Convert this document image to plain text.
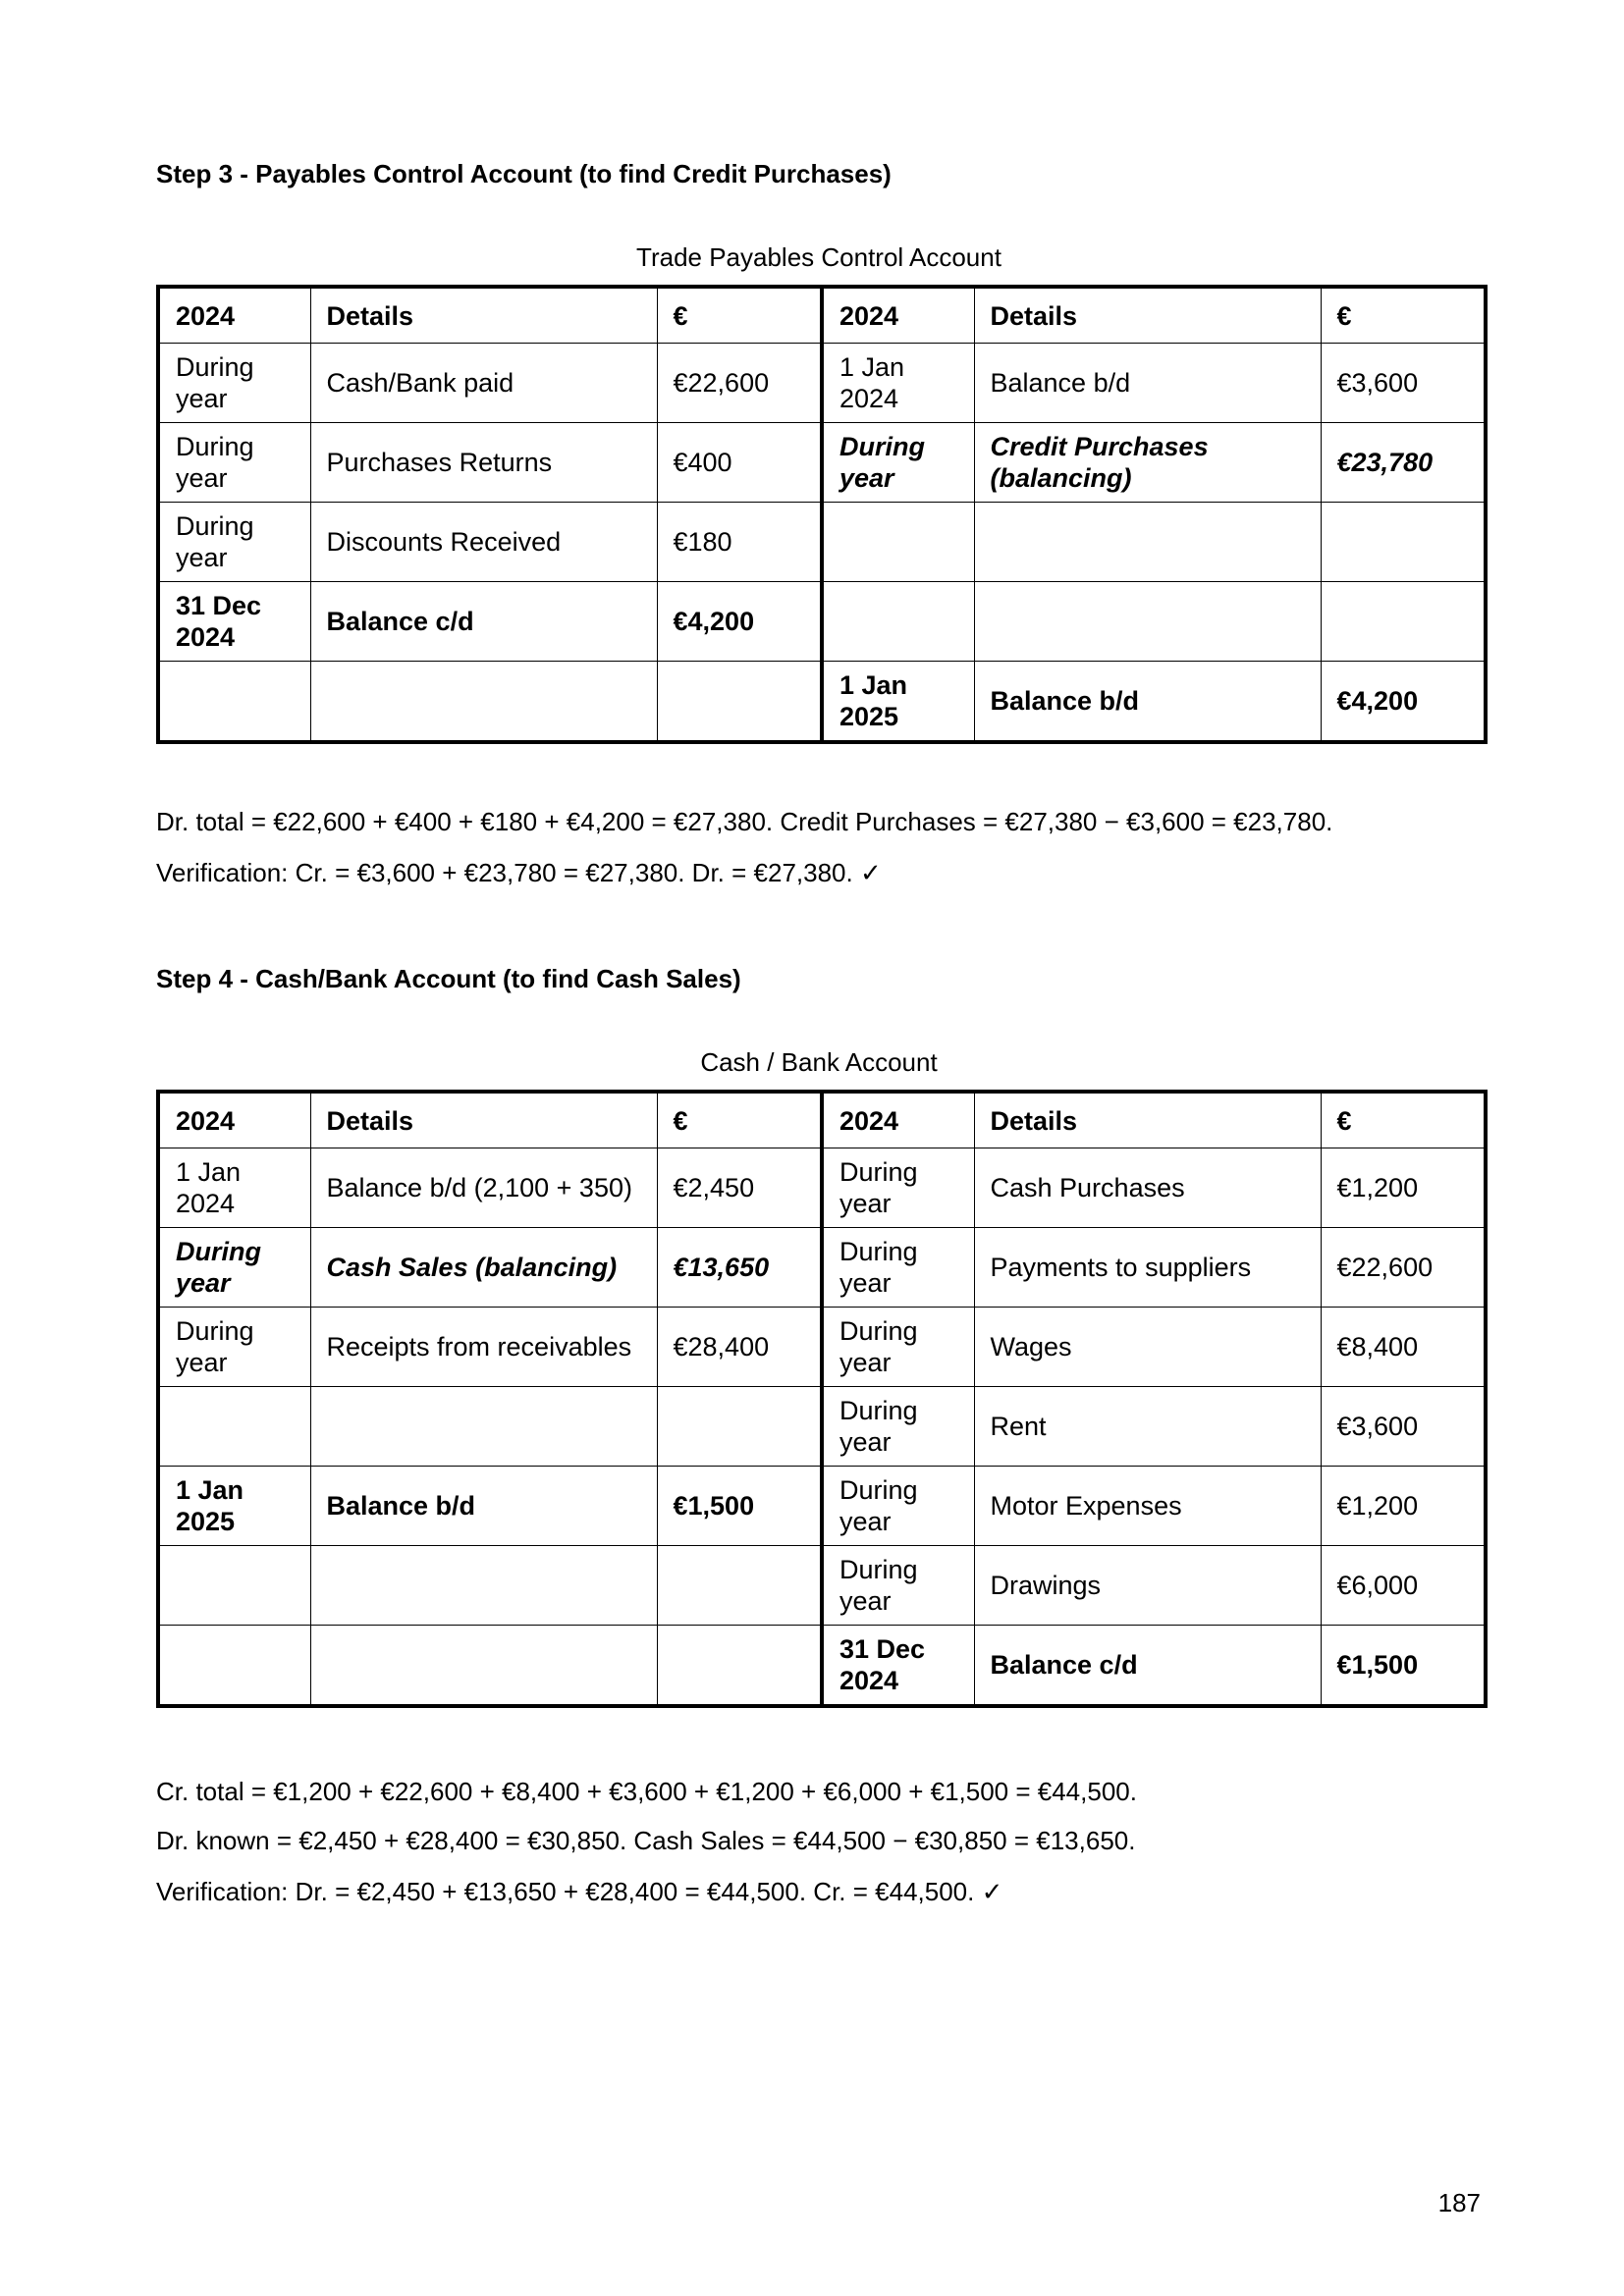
Step 3 - Payables Control Account (to find Credit Purchases)
Trade Payables Control Account
2024	Details	€	2024	Details	€
During year	Cash/Bank paid	€22,600	1 Jan 2024	Balance b/d	€3,600
During year	Purchases Returns	€400	During year	Credit Purchases (balancing)	€23,780
During year	Discounts Received	€180			
31 Dec 2024	Balance c/d	€4,200			
			1 Jan 2025	Balance b/d	€4,200
Dr. total = €22,600 + €400 + €180 + €4,200 = €27,380. Credit Purchases = €27,380 − €3,600 = €23,780.
Verification: Cr. = €3,600 + €23,780 = €27,380. Dr. = €27,380. ✓
Step 4 - Cash/Bank Account (to find Cash Sales)
Cash / Bank Account
2024	Details	€	2024	Details	€
1 Jan 2024	Balance b/d (2,100 + 350)	€2,450	During year	Cash Purchases	€1,200
During year	Cash Sales (balancing)	€13,650	During year	Payments to suppliers	€22,600
During year	Receipts from receivables	€28,400	During year	Wages	€8,400
			During year	Rent	€3,600
1 Jan 2025	Balance b/d	€1,500	During year	Motor Expenses	€1,200
			During year	Drawings	€6,000
			31 Dec 2024	Balance c/d	€1,500
Cr. total = €1,200 + €22,600 + €8,400 + €3,600 + €1,200 + €6,000 + €1,500 = €44,500.
Dr. known = €2,450 + €28,400 = €30,850. Cash Sales = €44,500 − €30,850 = €13,650.
Verification: Dr. = €2,450 + €13,650 + €28,400 = €44,500. Cr. = €44,500. ✓
187
